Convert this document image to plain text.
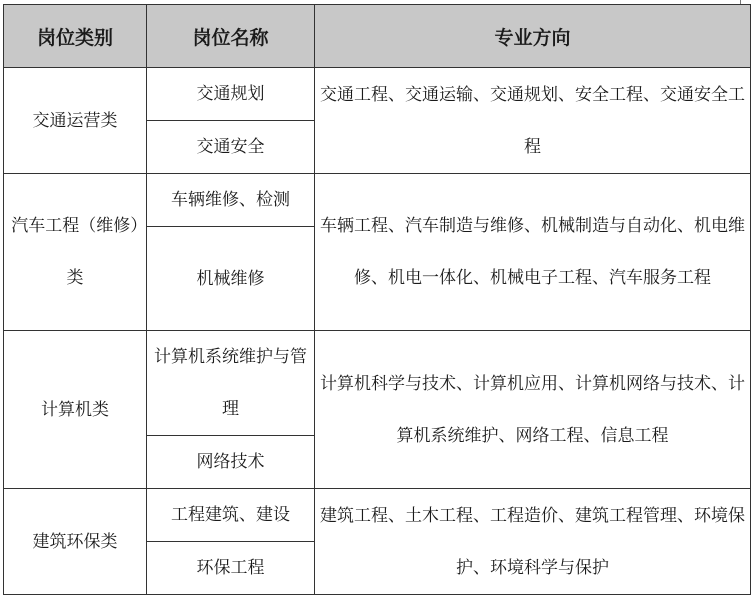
岗位类别	岗位名称	专业方向

交通运营类	交通规划	交通工程、交通运输、交通规划、安全工程、交通安全工程

	交通安全	

汽车工程（维修）类	车辆维修、检测	车辆工程、汽车制造与维修、机械制造与自动化、机电维修、机电一体化、机械电子工程、汽车服务工程

	机械维修	

计算机类	计算机系统维护与管理	计算机科学与技术、计算机应用、计算机网络与技术、计算机系统维护、网络工程、信息工程

	网络技术	

建筑环保类	工程建筑、建设	建筑工程、土木工程、工程造价、建筑工程管理、环境保护、环境科学与保护

	环保工程	
